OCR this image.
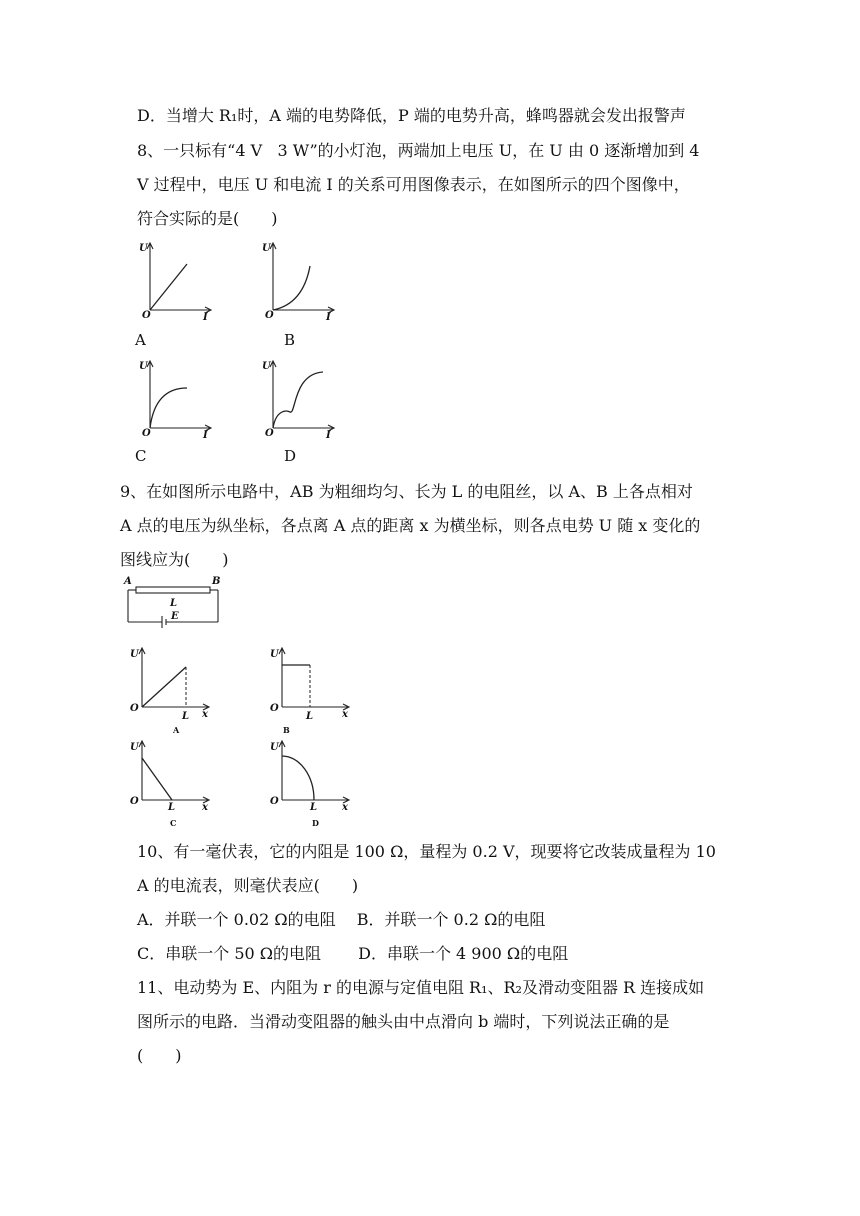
D．当增大 R₁时，A 端的电势降低，P 端的电势升高，蜂鸣器就会发出报警声
8、一只标有“4 V   3 W”的小灯泡，两端加上电压 U，在 U 由 0 逐渐增加到 4
V 过程中，电压 U 和电流 I 的关系可用图像表示，在如图所示的四个图像中，
符合实际的是(　　)
U
O	I
A
U
O	I
B
U
O	I
C
U
O	I
D
9、在如图所示电路中，AB 为粗细均匀、长为 L 的电阻丝，以 A、B 上各点相对
A 点的电压为纵坐标，各点离 A 点的距离 x 为横坐标，则各点电势 U 随 x 变化的
图线应为(　　)
A	B
L
E
U
O
L x
A
U
O
L	x
B
U
O
L	x
C
U
O
L x
D
10、有一毫伏表，它的内阻是 100 Ω，量程为 0.2 V，现要将它改装成量程为 10
A 的电流表，则毫伏表应(　　)
A．并联一个 0.02 Ω的电阻　 B．并联一个 0.2 Ω的电阻
C．串联一个 50 Ω的电阻　　 D．串联一个 4 900 Ω的电阻
11、电动势为 E、内阻为 r 的电源与定值电阻 R₁、R₂及滑动变阻器 R 连接成如
图所示的电路．当滑动变阻器的触头由中点滑向 b 端时，下列说法正确的是
(　　)
